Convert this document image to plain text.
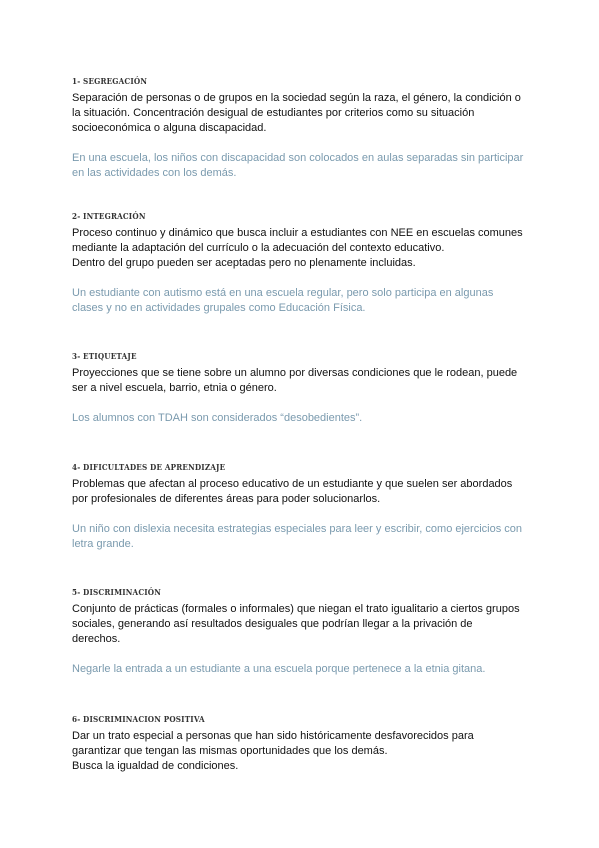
1- SEGREGACIÓN

Separación de personas o de grupos en la sociedad según la raza, el género, la condición o

la situación. Concentración desigual de estudiantes por criterios como su situación

socioeconómica o alguna discapacidad.

En una escuela, los niños con discapacidad son colocados en aulas separadas sin participar

en las actividades con los demás.

2- INTEGRACIÓN

Proceso continuo y dinámico que busca incluir a estudiantes con NEE en escuelas comunes

mediante la adaptación del currículo o la adecuación del contexto educativo.

Dentro del grupo pueden ser aceptadas pero no plenamente incluidas.

Un estudiante con autismo está en una escuela regular, pero solo participa en algunas

clases y no en actividades grupales como Educación Física.

3- ETIQUETAJE

Proyecciones que se tiene sobre un alumno por diversas condiciones que le rodean, puede

ser a nivel escuela, barrio, etnia o género.

Los alumnos con TDAH son considerados “desobedientes”.

4- DIFICULTADES DE APRENDIZAJE

Problemas que afectan al proceso educativo de un estudiante y que suelen ser abordados

por profesionales de diferentes áreas para poder solucionarlos.

Un niño con dislexia necesita estrategias especiales para leer y escribir, como ejercicios con

letra grande.

5- DISCRIMINACIÓN

Conjunto de prácticas (formales o informales) que niegan el trato igualitario a ciertos grupos

sociales, generando así resultados desiguales que podrían llegar a la privación de

derechos.

Negarle la entrada a un estudiante a una escuela porque pertenece a la etnia gitana.

6- DISCRIMINACION POSITIVA

Dar un trato especial a personas que han sido históricamente desfavorecidos para

garantizar que tengan las mismas oportunidades que los demás.

Busca la igualdad de condiciones.
